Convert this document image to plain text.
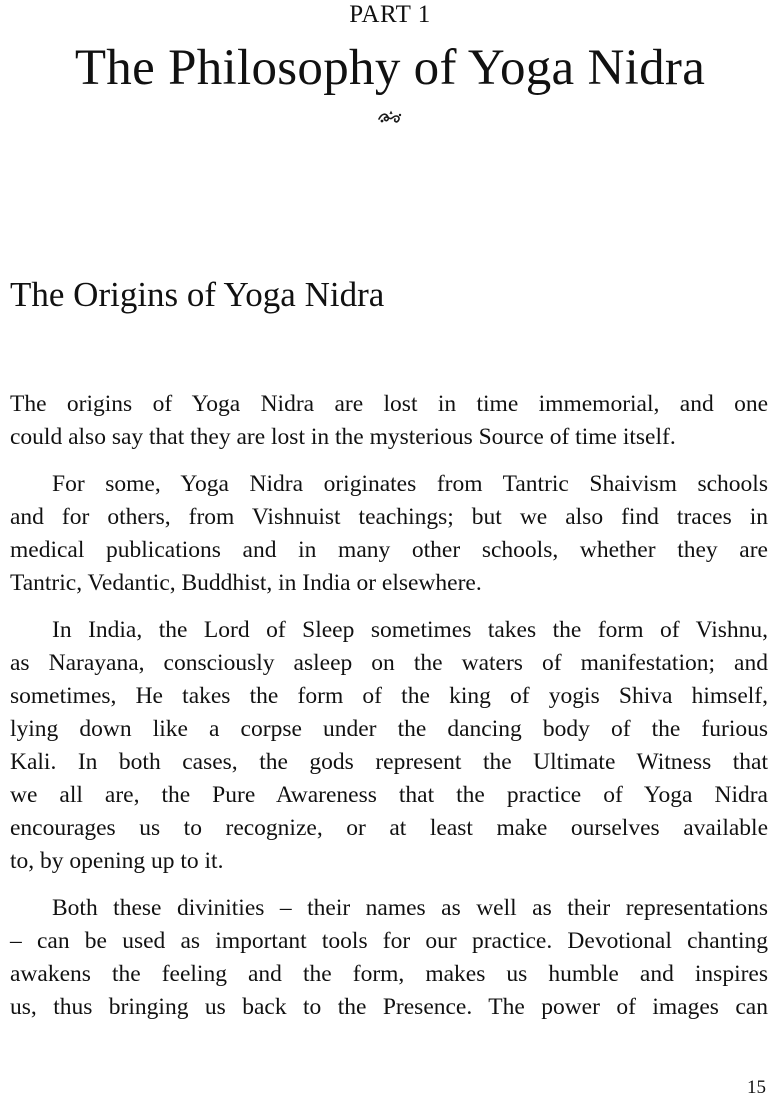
PART 1
The Philosophy of Yoga Nidra
The Origins of Yoga Nidra

The origins of Yoga Nidra are lost in time immemorial, and one
could also say that they are lost in the mysterious Source of time itself.

For some, Yoga Nidra originates from Tantric Shaivism schools
and for others, from Vishnuist teachings; but we also find traces in
medical publications and in many other schools, whether they are
Tantric, Vedantic, Buddhist, in India or elsewhere.

In India, the Lord of Sleep sometimes takes the form of Vishnu,
as Narayana, consciously asleep on the waters of manifestation; and
sometimes, He takes the form of the king of yogis Shiva himself,
lying down like a corpse under the dancing body of the furious
Kali. In both cases, the gods represent the Ultimate Witness that
we all are, the Pure Awareness that the practice of Yoga Nidra
encourages us to recognize, or at least make ourselves available
to, by opening up to it.

Both these divinities – their names as well as their representations
– can be used as important tools for our practice. Devotional chanting
awakens the feeling and the form, makes us humble and inspires
us, thus bringing us back to the Presence. The power of images can

15
